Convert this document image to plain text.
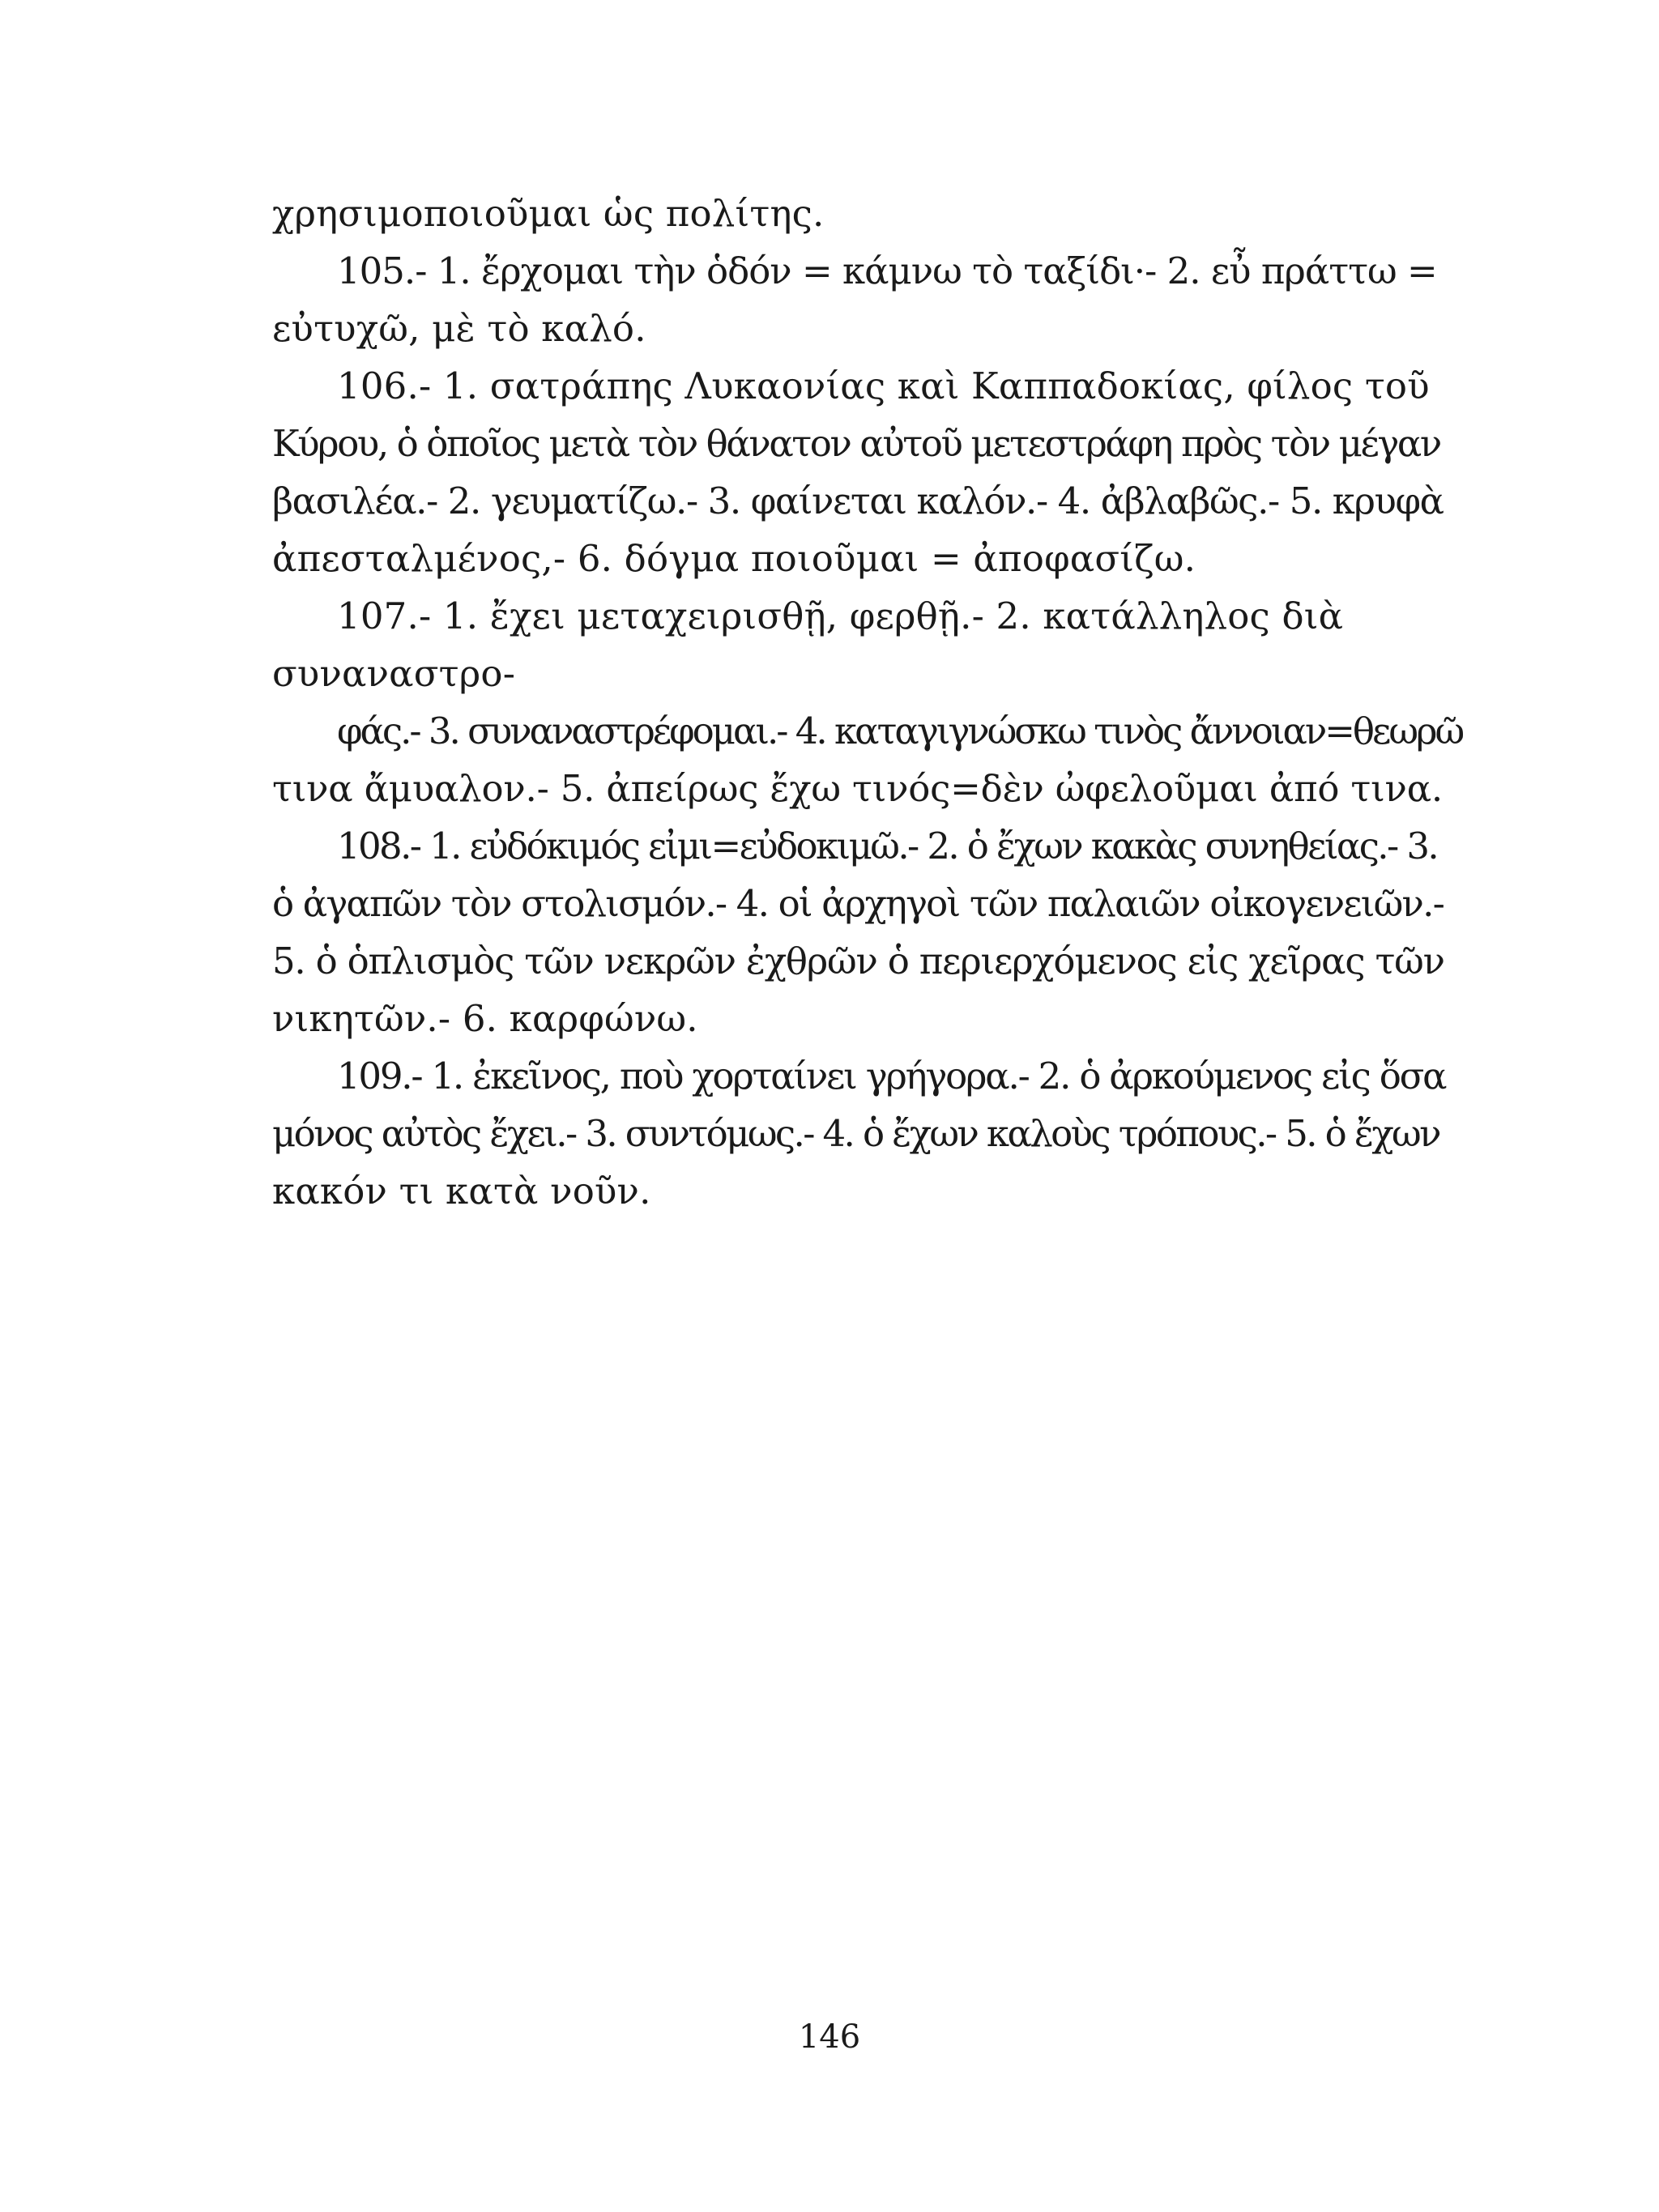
χρησιμοποιοῦμαι ὡς πολίτης.
105.- 1. ἔρχομαι τὴν ὁδόν = κάμνω τὸ ταξίδι·- 2. εὖ πράττω =
εὐτυχῶ, μὲ τὸ καλό.
106.- 1. σατράπης Λυκαονίας καὶ Καππαδοκίας, φίλος τοῦ
Κύρου, ὁ ὁποῖος μετὰ τὸν θάνατον αὐτοῦ μετεστράφη πρὸς τὸν μέγαν
βασιλέα.- 2. γευματίζω.- 3. φαίνεται καλόν.- 4. ἀβλαβῶς.- 5. κρυφὰ
ἀπεσταλμένος,- 6. δόγμα ποιοῦμαι = ἀποφασίζω.
107.- 1. ἔχει μεταχειρισθῇ, φερθῇ.- 2. κατάλληλος διὰ
συναναστρο-
φάς.- 3. συναναστρέφομαι.- 4. καταγιγνώσκω τινὸς ἄννοιαν=θεωρῶ
τινα ἄμυαλον.- 5. ἀπείρως ἔχω τινός=δὲν ὠφελοῦμαι ἀπό τινα.
108.- 1. εὐδόκιμός εἰμι=εὐδοκιμῶ.- 2. ὁ ἔχων κακὰς συνηθείας.- 3.
ὁ ἀγαπῶν τὸν στολισμόν.- 4. οἱ ἀρχηγοὶ τῶν παλαιῶν οἰκογενειῶν.-
5. ὁ ὁπλισμὸς τῶν νεκρῶν ἐχθρῶν ὁ περιερχόμενος εἰς χεῖρας τῶν
νικητῶν.- 6. καρφώνω.
109.- 1. ἐκεῖνος, ποὺ χορταίνει γρήγορα.- 2. ὁ ἀρκούμενος εἰς ὅσα
μόνος αὐτὸς ἔχει.- 3. συντόμως.- 4. ὁ ἔχων καλοὺς τρόπους.- 5. ὁ ἔχων
κακόν τι κατὰ νοῦν.
146
